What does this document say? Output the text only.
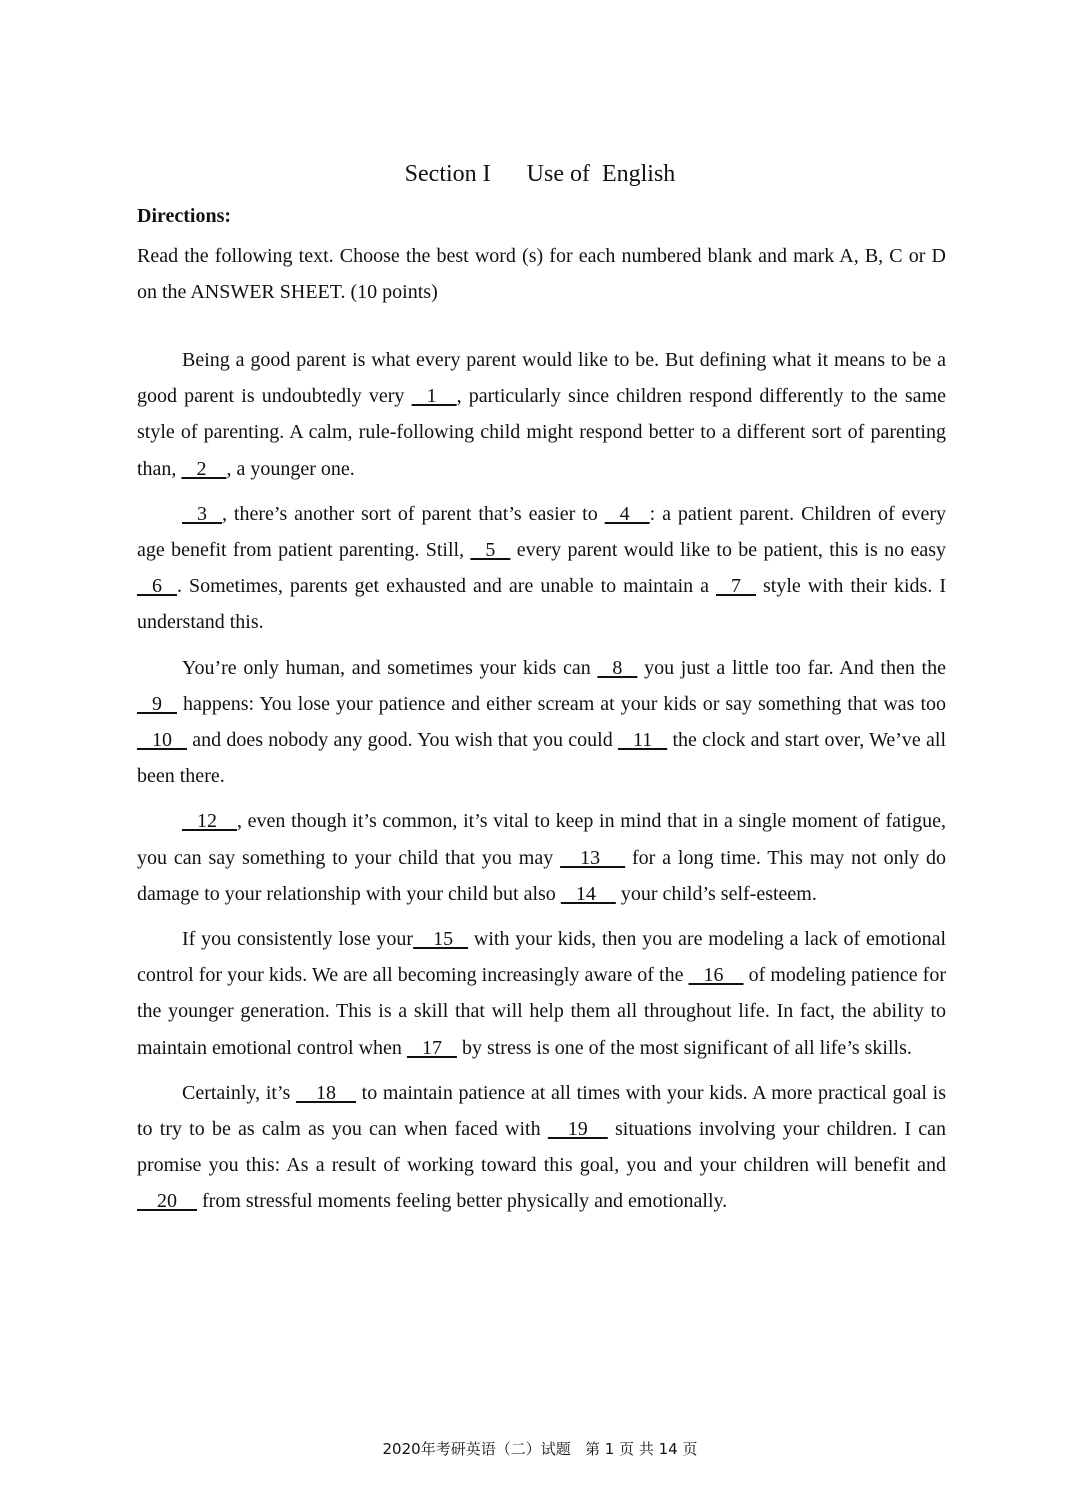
Section I      Use of  English
Directions:
Read the following text. Choose the best word (s) for each numbered blank and mark A, B, C or D on the ANSWER SHEET. (10 points)

Being a good parent is what every parent would like to be. But defining what it means to be a good parent is undoubtedly very    1    , particularly since children respond differently to the same style of parenting. A calm, rule-following child might respond better to a different sort of parenting than,    2    , a younger one.

3   , there’s another sort of parent that’s easier to    4    : a patient parent. Children of every age benefit from patient parenting. Still,    5    every parent would like to be patient, this is no easy    6   . Sometimes, parents get exhausted and are unable to maintain a    7    style with their kids. I understand this.

You’re only human, and sometimes your kids can    8    you just a little too far. And then the   9    happens: You lose your patience and either scream at your kids or say something that was too    10    and does nobody any good. You wish that you could    11    the clock and start over, We’ve all been there.

12    , even though it’s common, it’s vital to keep in mind that in a single moment of fatigue, you can say something to your child that you may     13      for a long time. This may not only do damage to your relationship with your child but also    14     your child’s self-esteem.

If you consistently lose your    15    with your kids, then you are modeling a lack of emotional control for your kids. We are all becoming increasingly aware of the    16     of modeling patience for the younger generation. This is a skill that will help them all throughout life. In fact, the ability to maintain emotional control when    17    by stress is one of the most significant of all life’s skills.

Certainly, it’s     18     to maintain patience at all times with your kids. A more practical goal is to try to be as calm as you can when faced with     19     situations involving your children. I can promise you this: As a result of working toward this goal, you and your children will benefit and     20     from stressful moments feeling better physically and emotionally.

2020年考研英语（二）试题   第 1 页 共 14 页
